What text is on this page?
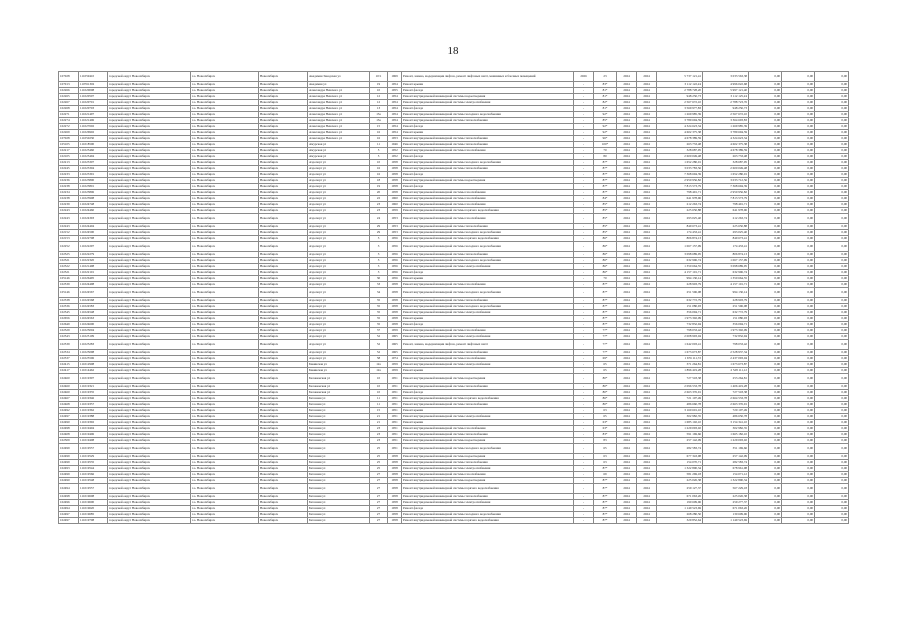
18
107028	111059410	городской округ Новосибирск	г.о. Новосибирск	Новосибирск	Академия Заводская ул	10/1	1969	Ремонт, замена, модернизация лифтов, ремонт лифтовых шахт, машинных и блочных помещений	2026	23	2024	2024	5 737 121,41	3 033 563,38	0,00	0,00	0,00
107013	110761302	городской округ Новосибирск	г.о. Новосибирск	Новосибирск	Академия ул	19	1954	Ремонт крыши	-	83*	2024	2024	3 112 122,24	4 996 022,68	0,00	0,00	0,00
102266	111020008	городской округ Новосибирск	г.о. Новосибирск	Новосибирск	Александра Невского ул	10	1955	Ремонт фасада	-	81*	2024	2024	2 788 728,20	5 997 121,40	0,00	0,00	0,00
102265	111020507	городской округ Новосибирск	г.о. Новосибирск	Новосибирск	Александра Невского ул	12	1954	Ремонт внутридомовой инженерной системы водоотведения	-	81*	2024	2024	948 250,73	3 112 125,24	0,00	0,00	0,00
102267	111020701	городской округ Новосибирск	г.о. Новосибирск	Новосибирск	Александра Невского ул	12	1954	Ремонт внутридомовой инженерной системы электроснабжения	-	82*	2024	2024	2 567 672,10	2 788 723,76	0,00	0,00	0,00
102268	111020703	городской округ Новосибирск	г.о. Новосибирск	Новосибирск	Александра Невского ул	13	1954	Ремонт фасада	-	81*	2024	2024	3 569 977,83	948 250,73	0,00	0,00	0,00
102271	111021497	городской округ Новосибирск	г.о. Новосибирск	Новосибирск	Александра Невского ул	13а	1954	Ремонт внутридомовой инженерной системы холодного водоснабжения	-	92*	2024	2024	1 269 985,39	2 567 672,10	0,00	0,00	0,00
102274	111021406	городской округ Новосибирск	г.о. Новосибирск	Новосибирск	Александра Невского ул	13а	1954	Ремонт внутридомовой инженерной системы теплоснабжения	-	85*	2024	2024	3 789 694,59	3 364 693,83	0,00	0,00	0,00
102272	111027602	городской округ Новосибирск	г.о. Новосибирск	Новосибирск	Александра Невского ул	15	1954	Ремонт фасада	-	92*	2024	2024	4 324 623,34	1 269 985,39	0,00	0,00	0,00
102269	111026902	городской округ Новосибирск	г.о. Новосибирск	Новосибирск	Александра Невского ул	16	1954	Ремонт крыши	-	92*	2024	2024	4 602 375,38	3 789 694,59	0,00	0,00	0,00
107028	111050230	городской округ Новосибирск	г.о. Новосибирск	Новосибирск	Александра Невского ул	16	1953	Ремонт внутридомовой инженерной системы теплоснабжения	-	96*	2024	2024	4 678 389,59	4 324 623,34	0,00	0,00	0,00
105105	111018500	городской округ Новосибирск	г.о. Новосибирск	Новосибирск	Амурская ул	11	1946	Ремонт внутридомовой инженерной системы теплоснабжения	-	100*	2024	2024	263 733,48	4 602 375,38	0,00	0,00	0,00
102217	111025460	городской округ Новосибирск	г.о. Новосибирск	Новосибирск	Амурская ул	5	1952	Ремонт внутридомовой инженерной системы газоснабжения	-	70	2024	2024	328 687,95	4 678 389,59	0,00	0,00	0,00
102105	111025494	городской округ Новосибирск	г.о. Новосибирск	Новосибирск	Амурская ул	5	1952	Ремонт фасада	-	80	2024	2024	2 600 049,48	263 733,48	0,00	0,00	0,00
102213	111023307	городской округ Новосибирск	г.о. Новосибирск	Новосибирск	Аэропорт ул	10	1958	Ремонт внутридомовой инженерной системы холодного водоснабжения	-	87*	2024	2024	1 652 280,01	328 687,95	0,00	0,00	0,00
102245	111023304	городской округ Новосибирск	г.о. Новосибирск	Новосибирск	Аэропорт ул	16	1958	Ремонт внутридомовой инженерной системы теплоснабжения	-	87*	2024	2024	3 033 783,56	2 600 049,48	0,00	0,00	0,00
102233	111023391	городской округ Новосибирск	г.о. Новосибирск	Новосибирск	Аэропорт ул	16	1958	Ремонт фасада	-	87*	2024	2024	7 368 694,39	1 652 280,01	0,00	0,00	0,00
102236	111023800	городской округ Новосибирск	г.о. Новосибирск	Новосибирск	Аэропорт ул	18	1958	Ремонт внутридомовой инженерной системы водоотведения	-	87*	2024	2024	2 950 956,82	3 033 712,56	0,00	0,00	0,00
102238	111023801	городской округ Новосибирск	г.о. Новосибирск	Новосибирск	Аэропорт ул	19	1958	Ремонт фасада	-	87*	2024	2024	7 813 573,79	7 368 694,39	0,00	0,00	0,00
102234	111023806	городской округ Новосибирск	г.о. Новосибирск	Новосибирск	Аэропорт ул	20	1958	Ремонт внутридомовой инженерной системы газоснабжения	-	87*	2024	2024	798 491,71	2 950 956,82	0,00	0,00	0,00
102238	111023908	городской округ Новосибирск	г.о. Новосибирск	Новосибирск	Аэропорт ул	22	1960	Ремонт внутридомовой инженерной системы газоснабжения	-	84*	2024	2024	641 978,96	7 813 573,79	0,00	0,00	0,00
102239	111024748	городской округ Новосибирск	г.о. Новосибирск	Новосибирск	Аэропорт ул	23	1960	Ремонт внутридомовой инженерной системы газоснабжения	-	85*	2024	2024	212 263,74	798 491,71	0,00	0,00	0,00
102243	111024460	городской округ Новосибирск	г.о. Новосибирск	Новосибирск	Аэропорт ул	23	1959	Ремонт внутридомовой инженерной системы горячего водоснабжения	-	85*	2024	2024	225 650,88	641 978,96	0,00	0,00	0,00
102243	111024393	городской округ Новосибирск	г.о. Новосибирск	Новосибирск	Аэропорт ул	24	1953	Ремонт внутридомовой инженерной системы газоснабжения	-	85*	2024	2024	293 025,40	212 263,74	0,00	0,00	0,00
102243	111024404	городской округ Новосибирск	г.о. Новосибирск	Новосибирск	Аэропорт ул	29	1953	Ремонт внутридомовой инженерной системы теплоснабжения	-	85*	2024	2024	849 673,41	225 650,88	0,00	0,00	0,00
102152	111024500	городской округ Новосибирск	г.о. Новосибирск	Новосибирск	Аэропорт ул	29	1953	Ремонт внутридомовой инженерной системы холодного водоснабжения	-	85*	2024	2024	174 433,41	293 025,40	0,00	0,00	0,00
102153	111022708	городской округ Новосибирск	г.о. Новосибирск	Новосибирск	Аэропорт ул	3	1956	Ремонт внутридомовой инженерной системы горячего водоснабжения	-	86*	2024	2024	806 874,13	849 673,41	0,00	0,00	0,00
102252	111022297	городской округ Новосибирск	г.о. Новосибирск	Новосибирск	Аэропорт ул	3	1956	Ремонт внутридомовой инженерной системы холодного водоснабжения	-	86*	2024	2024	1 067 157,99	174 433,41	0,00	0,00	0,00
102525	111022279	городской округ Новосибирск	г.о. Новосибирск	Новосибирск	Аэропорт ул	3	1956	Ремонт внутридомовой инженерной системы теплоснабжения	-	86*	2024	2024	3 098 689,95	806 874,13	0,00	0,00	0,00
102521	111022320	городской округ Новосибирск	г.о. Новосибирск	Новосибирск	Аэропорт ул	3	1956	Ремонт внутридомовой инженерной системы холодного водоснабжения	-	86*	2024	2024	632 996,74	1 067 157,99	0,00	0,00	0,00
102522	111021498	городской округ Новосибирск	г.о. Новосибирск	Новосибирск	Аэропорт ул	3	1956	Ремонт внутридомовой инженерной системы электроснабжения	-	86*	2024	2024	1 350 664,55	3 098 689,95	0,00	0,00	0,00
102521	111022101	городской округ Новосибирск	г.о. Новосибирск	Новосибирск	Аэропорт ул	3	1956	Ремонт фасада	-	86*	2024	2024	4 157 101,71	632 996,74	0,00	0,00	0,00
105146	111026495	городской округ Новосибирск	г.о. Новосибирск	Новосибирск	Аэропорт ул	30	1956	Ремонт крыши	-	70	2024	2024	994 130,14	1 350 664,55	0,00	0,00	0,00
102539	111024498	городской округ Новосибирск	г.о. Новосибирск	Новосибирск	Аэропорт ул	33	1958	Ремонт внутридомовой инженерной системы газоснабжения	-	87*	2024	2024	228 903,79	4 157 101,71	0,00	0,00	0,00
105146	111024567	городской округ Новосибирск	г.о. Новосибирск	Новосибирск	Аэропорт ул	34	1958	Ремонт внутридомовой инженерной системы холодного водоснабжения	-	87*	2024	2024	251 596,08	994 130,14	0,00	0,00	0,00
102538	111024568	городской округ Новосибирск	г.о. Новосибирск	Новосибирск	Аэропорт ул	35	1958	Ремонт внутридомовой инженерной системы теплоснабжения	-	87*	2024	2024	632 772,79	228 903,79	0,00	0,00	0,00
102536	111024583	городской округ Новосибирск	г.о. Новосибирск	Новосибирск	Аэропорт ул	35	1958	Ремонт внутридомовой инженерной системы холодного водоснабжения	-	87*	2024	2024	151 080,93	251 596,08	0,00	0,00	0,00
102545	111024548	городской округ Новосибирск	г.о. Новосибирск	Новосибирск	Аэропорт ул	35	1958	Ремонт внутридомовой инженерной системы электроснабжения	-	87*	2024	2024	356 094,71	632 772,79	0,00	0,00	0,00
102656	111024563	городской округ Новосибирск	г.о. Новосибирск	Новосибирск	Аэропорт ул	35	1958	Ремонт крыши	-	87*	2024	2024	1 973 302,09	151 080,93	0,00	0,00	0,00
102649	111024600	городской округ Новосибирск	г.о. Новосибирск	Новосибирск	Аэропорт ул	35	1958	Ремонт фасада	-	87*	2024	2024	732 832,94	356 094,71	0,00	0,00	0,00
102529	111025004	городской округ Новосибирск	г.о. Новосибирск	Новосибирск	Аэропорт ул	37	1959	Ремонт внутридомовой инженерной системы газоснабжения	-	77*	2024	2024	798 033,42	1 973 302,09	0,00	0,00	0,00
102543	111025109	городской округ Новосибирск	г.о. Новосибирск	Новосибирск	Аэропорт ул	52	1965	Ремонт внутридомовой инженерной системы электроснабжения	-	77*	2024	2024	2 008 993,04	732 832,94	0,00	0,00	0,00
102539	111025283	городской округ Новосибирск	г.о. Новосибирск	Новосибирск	Аэропорт ул	52	1965	Ремонт, замена, модернизация лифтов, ремонт лифтовых шахт	-	77*	2024	2024	1 642 003,41	798 033,42	0,00	0,00	0,00
102534	111025098	городской округ Новосибирск	г.о. Новосибирск	Новосибирск	Аэропорт ул	52	1965	Ремонт внутридомовой инженерной системы теплоснабжения	-	77*	2024	2024	1 673 673,87	2 528 937,34	0,00	0,00	0,00
102537	111025506	городской округ Новосибирск	г.о. Новосибирск	Новосибирск	Аэропорт ул	58	1974	Ремонт внутридомовой инженерной системы газоснабжения	-	69*	2024	2024	1 676 111,72	2 437 093,04	0,00	0,00	0,00
102415	111012908	городской округ Новосибирск	г.о. Новосибирск	Новосибирск	Бакинская ул	12а	1959	Ремонт внутридомовой инженерной системы электроснабжения	-	65	2024	2024	371 264,81	1 673 673,87	0,00	0,00	0,00
102417	111014462	городской округ Новосибирск	г.о. Новосибирск	Новосибирск	Бакинская ул	12а	1959	Ремонт крыши	-	65	2024	2024	1 896 419,28	2 528 111,12	0,00	0,00	0,00
102460	111019307	городской округ Новосибирск	г.о. Новосибирск	Новосибирск	Беловежская ул	10	1951	Ремонт внутридомовой инженерной системы водоотведения	-	80*	2024	2024	727 518,38	253 264,81	0,00	0,00	0,00
102460	111019321	городской округ Новосибирск	г.о. Новосибирск	Новосибирск	Беловежская ул	10	1951	Ремонт внутридомовой инженерной системы теплоснабжения	-	80*	2024	2024	2 096 533,78	1 406 419,28	0,00	0,00	0,00
102460	111019335	городской округ Новосибирск	г.о. Новосибирск	Новосибирск	Беловежская ул	10	1951	Ремонт фасада	-	80*	2024	2024	2 663 376,91	727 518,38	0,00	0,00	0,00
102467	111019346	городской округ Новосибирск	г.о. Новосибирск	Новосибирск	Бетонная ул	11	1951	Ремонт внутридомовой инженерной системы горячего водоснабжения	-	86*	2024	2024	721 107,49	2 664 533,78	0,00	0,00	0,00
102468	111019357	городской округ Новосибирск	г.о. Новосибирск	Новосибирск	Бетонная ул	11	1951	Ремонт внутридомовой инженерной системы теплоснабжения	-	80*	2024	2024	486 660,78	2 663 376,91	0,00	0,00	0,00
102492	111019362	городской округ Новосибирск	г.о. Новосибирск	Новосибирск	Бетонная ул	15	1951	Ремонт крыши	-	63	2024	2024	3 160 601,10	720 107,49	0,00	0,00	0,00
102497	111019388	городской округ Новосибирск	г.о. Новосибирск	Новосибирск	Бетонная ул	21	1951	Ремонт внутридомовой инженерной системы электроснабжения	-	65	2024	2024	302 982,35	486 650,78	0,00	0,00	0,00
102490	111019392	городской округ Новосибирск	г.о. Новосибирск	Новосибирск	Бетонная ул	21	1951	Ремонт крыши	-	63*	2024	2024	1 685 102,10	3 154 341,10	0,00	0,00	0,00
102498	111019404	городской округ Новосибирск	г.о. Новосибирск	Новосибирск	Бетонная ул	23	1951	Ремонт внутридомовой инженерной системы газоснабжения	-	63*	2024	2024	1 229 093,02	302 982,35	0,00	0,00	0,00
102408	111019406	городской округ Новосибирск	г.о. Новосибирск	Новосибирск	Бетонная ул	23	1951	Ремонт внутридомовой инженерной системы теплоснабжения	-	83*	2024	2024	591 169,66	1 665 182,10	0,00	0,00	0,00
102509	111019408	городской округ Новосибирск	г.о. Новосибирск	Новосибирск	Бетонная ул	23	1951	Ремонт внутридомовой инженерной системы водоотведения	-	83	2024	2024	257 142,09	1 229 093,02	0,00	0,00	0,00
102499	111019557	городской округ Новосибирск	г.о. Новосибирск	Новосибирск	Бетонная ул	25	1951	Ремонт внутридомовой инженерной системы холодного водоснабжения	-	65	2024	2024	282 583,74	351 169,66	0,00	0,00	0,00
102499	111019529	городской округ Новосибирск	г.о. Новосибирск	Новосибирск	Бетонная ул	25	1958	Ремонт внутридомовой инженерной системы водоотведения	-	63	2024	2024	677 343,98	257 142,09	0,00	0,00	0,00
102499	111019535	городской округ Новосибирск	г.о. Новосибирск	Новосибирск	Бетонная ул	25	1958	Ремонт внутридомовой инженерной системы теплоснабжения	-	63	2024	2024	154 070,71	282 583,74	0,00	0,00	0,00
102493	111019544	городской округ Новосибирск	г.о. Новосибирск	Новосибирск	Бетонная ул	25	1958	Ремонт внутридомовой инженерной системы электроснабжения	-	87*	2024	2024	1 322 890,34	678 961,98	0,00	0,00	0,00
102499	111019566	городской округ Новосибирск	г.о. Новосибирск	Новосибирск	Бетонная ул	27	1958	Ремонт внутридомовой инженерной системы газоснабжения	-	69	2024	2024	581 269,18	154 071,12	0,00	0,00	0,00
102490	111019548	городской округ Новосибирск	г.о. Новосибирск	Новосибирск	Бетонная ул	27	1958	Ремонт внутридомовой инженерной системы водоотведения	-	87*	2024	2024	225 026,38	1 322 890,34	0,00	0,00	0,00
102494	111019557	городской округ Новосибирск	г.о. Новосибирск	Новосибирск	Бетонная ул	27	1958	Ремонт внутридомовой инженерной системы горячего водоснабжения	-	87*	2024	2024	259 127,37	567 229,18	0,00	0,00	0,00
102498	111019608	городской округ Новосибирск	г.о. Новосибирск	Новосибирск	Бетонная ул	27	1958	Ремонт внутридомовой инженерной системы теплоснабжения	-	87*	2024	2024	671 063,26	225 026,38	0,00	0,00	0,00
102496	111019600	городской округ Новосибирск	г.о. Новосибирск	Новосибирск	Бетонная ул	27	1958	Ремонт внутридомовой инженерной системы электроснабжения	-	87*	2024	2024	190 609,96	259 277,37	0,00	0,00	0,00
102494	111019620	городской округ Новосибирск	г.о. Новосибирск	Новосибирск	Бетонная ул	27	1958	Ремонт фасада	-	87*	2024	2024	1 149 523,69	671 063,26	0,00	0,00	0,00
102497	111019685	городской округ Новосибирск	г.о. Новосибирск	Новосибирск	Бетонная ул	27	1958	Ремонт внутридомовой инженерной системы холодного водоснабжения	-	87*	2024	2024	268 280,50	130 609,96	0,00	0,00	0,00
102497	111019708	городской округ Новосибирск	г.о. Новосибирск	Новосибирск	Бетонная ул	27	1958	Ремонт внутридомовой инженерной системы горячего водоснабжения	-	87*	2024	2024	329 852,64	1 149 523,69	0,00	0,00	0,00
